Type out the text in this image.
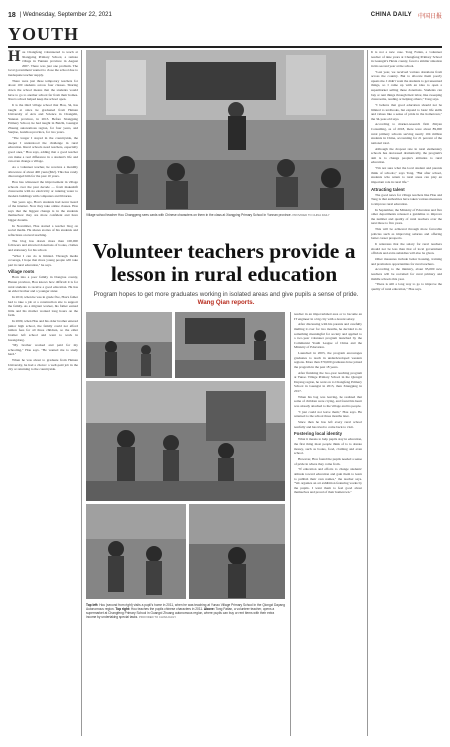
18 | Wednesday, September 22, 2021	CHINA DAILY 中国日报
YOUTH
H ou Changfeng volunteered to teach at Xiangping Primary School, a remote village in Yunnan province in August 2007. There was just one problem. The local government wanted to close the school due to inadequate teacher supply.

There were just three temporary teachers for about 100 students across four classes. Sharing down the school means that the students would have to go to another school far from their homes. Xiao's school helped keep the school open.

It is the third village school that Hou, 34, has taught at since he graduated from Hainan University of Arts and Science in Changzhi, Yunnan province, in 2013. Before Xiangping Primary School, he had taught in Beichi, Guangxi Zhuang autonomous region, for four years, and Sanjiao, Guizhou province, for two years.

"The longer I stayed in the countryside, the deeper I understood the challenge in rural education. Rural schools need teachers, especially good ones," Hou says, adding that a good teacher can make a real difference in a student's life and can even change a village.

As a volunteer teacher, he receives a monthly allowance of about 400 yuan ($62). This has rarely discouraged him for the past 10 years.

Hou has witnessed the improvement in village schools over the past decade — from makeshift classrooms with no electricity or running water to modern buildings with computers and libraries.

Ten years ago, Hou's students had never heard of the internet. Now they take online classes. Hou says that the biggest change is in the students themselves: they are more confident and have bigger dreams.

In November, Hou started a teacher blog on social media. He shares stories of his students and reflections on rural teaching.

The blog has drawn more than 100,000 followers and attracted donations of books, clothes and stationery for his school.

"What I can do is limited. Through media coverage, I hope that more young people will take part in rural education," he says.

Village roots

Born into a poor family in Dongtou county, Hunan province, Hou knows how difficult it is for rural students to receive a good education. He has an elder brother and a younger sister.

In 2010, when he was in grade five, Hou's father had to take a job at a construction site to support the family. As a migrant worker, his father earned little and his mother worked long hours on the farm.

In 2009, when Hou and his older brother entered junior high school, the family could not afford tuition fees for all three children, so the elder brother left school and went to work in Guangdong.

"My brother worked and paid for my schooling," Hou says. "He wanted me to study hard."

When he was about to graduate from Hainan University, he had a choice: a well-paid job in the city or returning to the countryside.

Village school teacher Hou Changgeng sees cards with Chinese characters on them in the class at Xiangping Primary School in Yunnan province. PROVIDED TO CHINA DAILY
Volunteer teachers provide a lesson in rural education
Program hopes to get more graduates working in isolated areas and give pupils a sense of pride. Wang Qian reports.
Top left: Hou (second from right) visits a pupil's home in 2011, when he was teaching at Yunao Village Primary School in the Qiongzi Dayang Autonomous region. Top right: Hou teaches the pupils chinese characters in 2011. Above: Tong Fatian, a volunteer teacher, opens a supermarket at Changfeng Primary School in Guangxi Zhuang autonomous region, where pupils can buy or rent items with their extra income by undertaking special tasks. PROVIDED TO CHINA DAILY

teacher in an impoverished area or to become an IT engineer in a big city with a decent salary.

After discussing with his parents and carefully mulling it over for two months, he decided to do something meaningful for society and applied to a two-year volunteer program launched by the Communist Youth League of China and the Ministry of Education.

Launched in 2003, the program encourages graduates to teach in underdeveloped western regions. More than 370,000 graduates have joined the program in the past 18 years.

After finishing the two-year teaching program at Yunao Village Primary School in the Qiongzi Dayang region, he went on to Changfeng Primary School in Guangxi in 2015, then Xiangping in 2017.

When his bag was leaving, he realized that some of children were crying, and found his heart was already attached to the village and its people.

"I just could not leave them," Hou says. He returned to the school three months later.

Since then he has left every rural school tearfully and has tried to come back to visit.

Fostering local identity

What it means to help pupils stay in education, the first thing most people think of is to donate money, such as books, food, clothing and even school.

However, Hou found the pupils needed a sense of pride in where they come from.

"If education and efforts to change students' attitude toward education and gain them to learn to publish their own names," the teacher says. "We organize an art exhibition featuring works by the pupils. I want them to feel good about themselves and proud of their hometown."

It is not a new case. Tong Fatian, a volunteer teacher of nine years at Changfeng Primary School in Guangxi's Hexia county, faced a similar situation in his second year at the school.

"Last year, we received various donations from across the country. But to allocate them poorly upsets me. I didn't want the students to get unearned things, so I came up with an idea to open a supermarket selling these donations. Students can buy or rent things through their labor, like sweeping classrooms, reading or helping others," Tong says.

"I believe that good education should not be limited to textbooks, but expand to basic life skills and values like a sense of pride in the hometown," the 34-year-old says.

According to market-research firm Zhiyan Consulting, as of 2018, there were about 89,000 rural primary schools serving nearly 104 million students in China, accounting for 21 percent of the national total.

Although the dropout rate in rural elementary schools has decreased dramatically, the program's aim is to change people's attitudes to rural education.

"I'm not sure what the local student and parents think of schools," says Tong. "But after school, students who return to rural areas can play an important role in rural life."

Attracting talent

The good news for village teachers like Hou and Tang is that authorities have taken various measures to improve rural education.

In September, the Ministry of Education and five other departments released a guideline to improve the number and quality of rural teachers over the next three to five years.

This will be achieved through more favorable policies such as improving salaries and offering better career prospects.

It reiterates that the salary for rural teachers should not be less than that of local government officials and extra subsidies will also be given.

Other measures include better housing, training and promotion opportunities for rural teachers.

According to the ministry, about 95,000 new teachers will be recruited for rural primary and middle schools this year.

"There is still a long way to go to improve the quality of rural education," Hou says.
